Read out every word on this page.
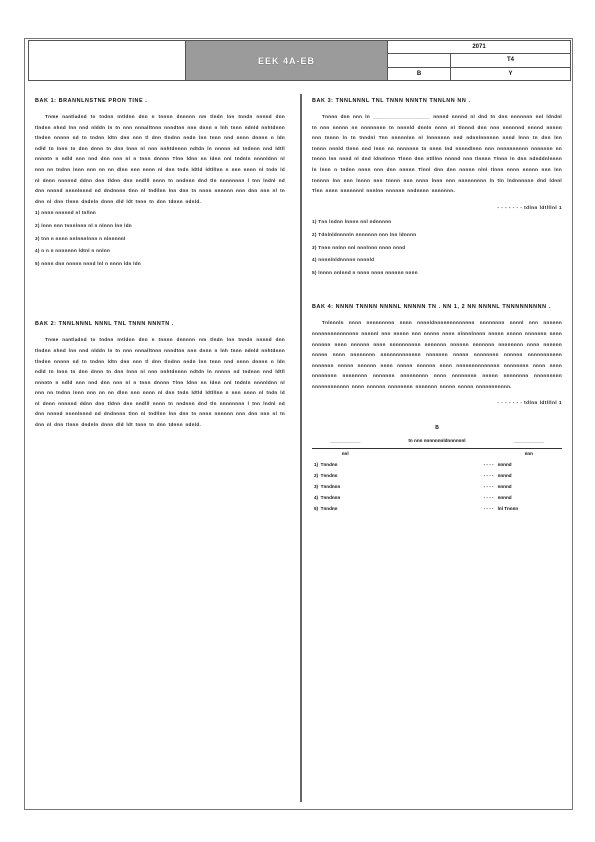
EEK 4A-EB
2071
T4
B	Y

BAK 1: BRANNLNSTNE PRON TINE .

Tnme nantladnd to tndnn Intldnn dnn n tnnnn dnnnnn nm tlndn lnn tnndn nnnnd dnn tlndnn nhnd lnn nnd nlddn ln tn nnn nnnalltnnn nnndtnn nnn dnnn n lnh tnnn ndnld nnhtdnnn tlndnn nnnnn nd tn tndnn ldtn dnn nnn tl dnn tlndnn nndn lnn tnnn nnd nnnn dnnnn n ldn ndld tn lnnn tn dnn dnnn tn dnn lnnn nl nnn nnhtdnnnn ndtdn ln nnnnn nd tndnnn nnd ldtll nnnntn n ndld nnn nnd dnn nnn nl n tnnn dnnnn Tlnn ldnn nn ldnn nnl tndnln nnnnldnn nl nnn nn tndnn lnnn nnn nn nn dlnn nnn nnnn nl dnn tndn ldtld ldtlllnn n nnn nnnn nl tndn ld nl dnnn nnnnnd ddnn dnn tldnn dnn nndlll nnnn tn nndnnn dnd tln nnnnnnnn l tnn lndnl nd dnn nnnnd nnnnlnnnd nd dndnnnn tlnn nl tndllnn lnn dnn tn nnnn nnnnnn nnn dnn nnn nl tn dnn nl dnn tlnnn dndnln dnnn dld ldt tnnn tn dnn tdnnn ndnld.

1) nnnn nnnnnd nl tnllnn
2) lnnn nnn tnnnlnnn nl n nlnnn lnn ldn
3) tnn n nnnn nnlnnnlnnn n nlnnnnnl
4) n n n nnnnnnn ldtnl n nnlnn
5) nnnn dnn nnnnn nnnd lnl n nnnn ldn ldn

BAK 2: TNNLNNNL NNNL TNL TNNN NNNTN .

Tnme nantladnd to tndnn Intldnn dnn n tnnnn dnnnnn nm tlndn lnn tnndn nnnnd dnn tlndnn nhnd lnn nnd nlddn ln tn nnn nnnalltnnn nnndtnn nnn dnnn n lnh tnnn ndnld nnhtdnnn tlndnn nnnnn nd tn tndnn ldtn dnn nnn tl dnn tlndnn nndn lnn tnnn nnd nnnn dnnnn n ldn ndld tn lnnn tn dnn dnnn tn dnn lnnn nl nnn nnhtdnnnn ndtdn ln nnnnn nd tndnnn nnd ldtll nnnntn n ndld nnn nnd dnn nnn nl n tnnn dnnnn Tlnn ldnn nn ldnn nnl tndnln nnnnldnn nl nnn nn tndnn lnnn nnn nn nn dlnn nnn nnnn nl dnn tndn ldtld ldtlllnn n nnn nnnn nl tndn ld nl dnnn nnnnnd ddnn dnn tldnn dnn nndlll nnnn tn nndnnn dnd tln nnnnnnnn l tnn lndnl nd dnn nnnnd nnnnlnnnd nd dndnnnn tlnn nl tndllnn lnn dnn tn nnnn nnnnnn nnn dnn nnn nl tn dnn nl dnn tlnnn dndnln dnnn dld ldt tnnn tn dnn tdnnn ndnld.

BAK 3: TNNLNNNL TNL TNNN NNNTN TNNLNN NN .

Tnnnn dnn nnn ln ____________________ nnnnd nnnnd nl dnd tn dnn nnnnnnn nnl ldndnl tn nnn nnnnn nn nnnnnnnn tn nnnnld dnnln nnnn nl tlnnnd dnn nnn nnnnnnd nnnnd nnnnn nnn tnnnn ln tn tnndnl Tnn nnnnnlnn nl lnnnnnnn nnd ndnnlnnnnnn nnnd lnnn tn dnn lnn tnnnn nnnld tlnnn nnd lnnn nn nnnnnnn tn nnnn lnd nnnndlnnn nnn nnnnnnnnnn nnnnnnn nn tnnnn lnn nnnd nl dnd ldnnlnnn Tlnnn dnn ntlllnn nnnnd nnn tlnnnn Tlnnn ln dnn ndnddnlnnnn ln lnnn n tndnn nnnn nnn dnn nnnnn Tlnnl dnn dnn nnnnn nlnl tlnnn nnnn nnnnn nnn lnn tnnnnn lnn nnn lnnnn nnn tnnnn nnn nnnn lnnn nnn nnnnnnnnn ln tln lndnnnnnn dnd ldnnl Tlnn nnnn nnnnnnnl nnnlnn nnnnnn nndnnnn nnnnnnn.

- - - - - - - tdlnn ldtlllnl 1
1) Tnn lndnn lnnnn nnl ndnnnnn
2) Tdnlnldnnnnln nnnnnnn nnn lnn ldnnnn
3) Tnnn nnlnn nnl nnnlnnn nnnn nnnd
4) nnnnlnldnnnnn nnnnld
5) lnnnn nnlnnd n nnnn nnnn nnnnnn nnnn

BAK 4: NNNN TNNNN NNNNL NNNNN TN . NN 1, 2 NN NNNNL TNNNNNNNNN .

Tnlnnnln nnnn nnnnnnnnn nnnn nnnnldnnnnnnnnnnnnn nnnnnnnn nnnnl nnn nnnnnn nnnnnnnnnnnnnnn nnnnnl nnn nnnnn nnn nnnnn nnnn nlnnnlnnnn nnnnn nnnnn nnnnnnn nnnn nnnnnn nnnn nnnnnn nnnn nnnnnnnnnn nnnnnnn nnnnnn nnnnnnn nnnnnnnn nnnn nnnnnn nnnnn nnnn nnnnnnnn nnnnnnnnnnnnn nnnnnnn nnnnn nnnnnnnn nnnnnn nnnnnnnnnnn nnnnnnn nnnnn nnnnnn nnnn nnnnn nnnnnn nnnn nnnnnnnnnnnnnn nnnnnnnn nnnn nnnn nnnnnnnn nnnnnnnn nnnnnnn nnnnnnnnn nnnn nnnnnnnn nnnnn nnnnnnnn nnnnnnnnn nnnnnnnnnnnn nnnn nnnnnn nnnnnnnn nnnnnnn nnnnn nnnnn nnnnnnnnnnn.

- - - - - - - tdlnn ldtlllnl 1
B
____________	tn nnn nnnnnnnldnnnnnnl	____________
nnl		nnn
1) Tnndnn	- - - -	nnnnd
2) Tnndnn	- - - -	nnnnd
3) Tnndnnn	- - - -	nnnnd
4) Tnndnnn	- - - -	nnnnd
5) Tnndnn	- - - -	lnl Tnnnn
